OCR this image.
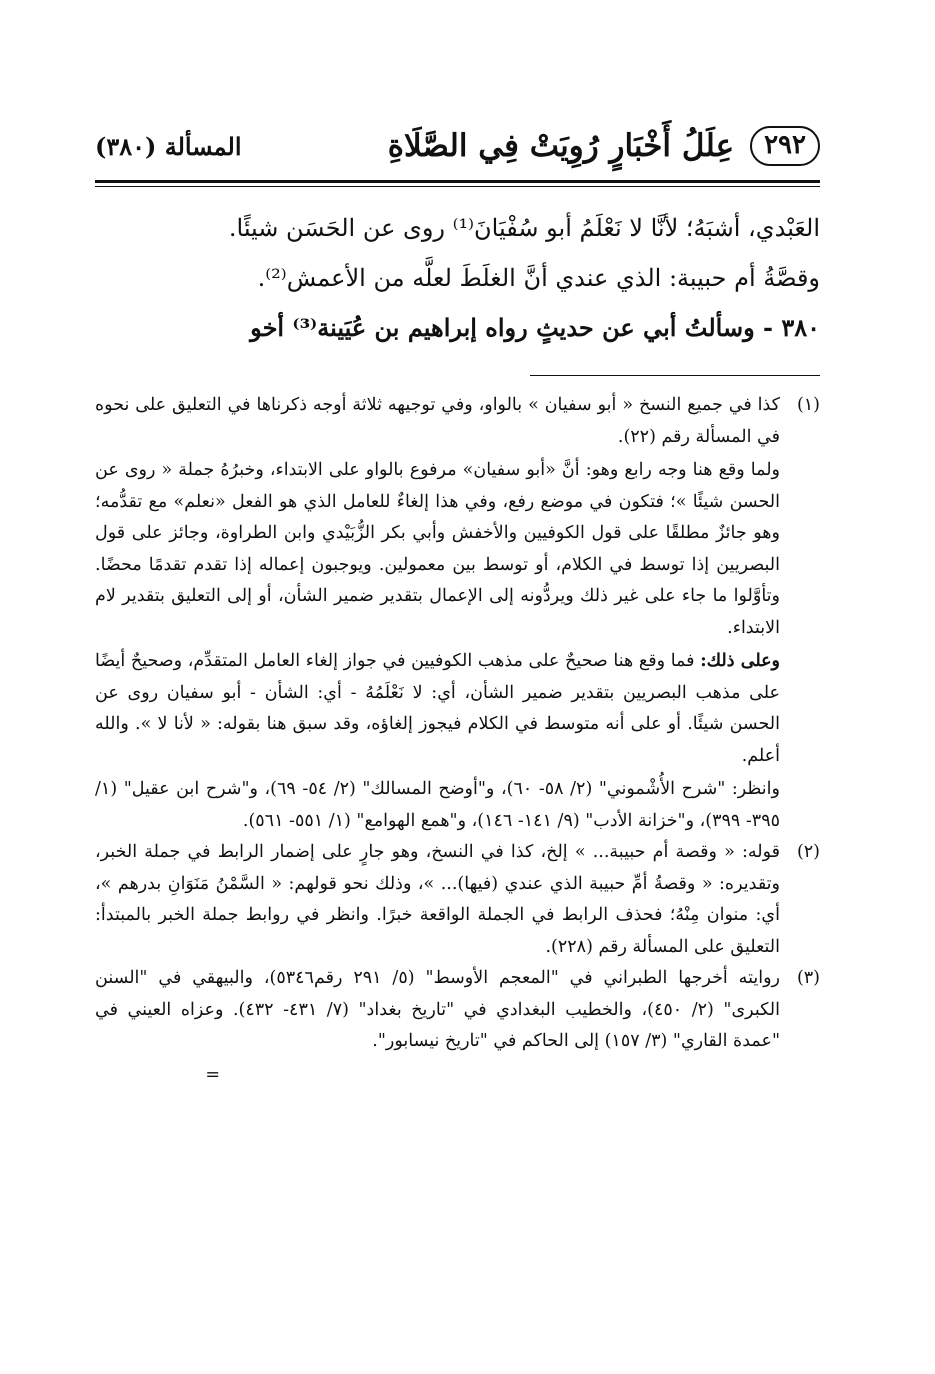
٢٩٢
عِلَلُ أَخْبَارٍ رُوِيَتْ فِي الصَّلَاةِ
المسألة (٣٨٠)

العَبْدي، أشبَهُ؛ لأنَّا لا نَعْلَمُ أبو سُفْيَانَ⁽¹⁾ روى عن الحَسَن شيئًا.

وقصَّةُ أم حبيبة: الذي عندي أنَّ الغلَطَ لعلَّه من الأعمش⁽²⁾.

٣٨٠ - وسألتُ أبي عن حديثٍ رواه إبراهيم بن عُيَينة⁽³⁾ أخو

(١)

كذا في جميع النسخ « أبو سفيان » بالواو، وفي توجيهه ثلاثة أوجه ذكرناها في التعليق على نحوه في المسألة رقم (٢٢).

ولما وقع هنا وجه رابع وهو: أنَّ «أبو سفيان» مرفوع بالواو على الابتداء، وخبرُهُ جملة « روى عن الحسن شيئًا »؛ فتكون في موضع رفع، وفي هذا إلغاءٌ للعامل الذي هو الفعل «نعلم» مع تقدُّمه؛ وهو جائزٌ مطلقًا على قول الكوفيين والأخفش وأبي بكر الزُّبَيْدي وابن الطراوة، وجائز على قول البصريين إذا توسط في الكلام، أو توسط بين معمولين. ويوجبون إعماله إذا تقدم تقدمًا محضًا. وتأوَّلوا ما جاء على غير ذلك ويردُّونه إلى الإعمال بتقدير ضمير الشأن، أو إلى التعليق بتقدير لام الابتداء.

وعلى ذلك: فما وقع هنا صحيحٌ على مذهب الكوفيين في جواز إلغاء العامل المتقدِّم، وصحيحٌ أيضًا على مذهب البصريين بتقدير ضمير الشأن، أي: لا نَعْلَمُهُ - أي: الشأن - أبو سفيان روى عن الحسن شيئًا. أو على أنه متوسط في الكلام فيجوز إلغاؤه، وقد سبق هنا بقوله: « لأنا لا ». والله أعلم.

وانظر: "شرح الأُشْموني" (٢/ ٥٨- ٦٠)، و"أوضح المسالك" (٢/ ٥٤- ٦٩)، و"شرح ابن عقيل" (١/ ٣٩٥- ٣٩٩)، و"خزانة الأدب" (٩/ ١٤١- ١٤٦)، و"همع الهوامع" (١/ ٥٥١- ٥٦١).

(٢)

قوله: « وقصة أم حبيبة... » إلخ، كذا في النسخ، وهو جارٍ على إضمار الرابط في جملة الخبر، وتقديره: « وقصةُ أمِّ حبيبة الذي عندي (فيها)... »، وذلك نحو قولهم: « السَّمْنُ مَنَوَانِ بدرهم »، أي: منوان مِنْهُ؛ فحذف الرابط في الجملة الواقعة خبرًا. وانظر في روابط جملة الخبر بالمبتدأ: التعليق على المسألة رقم (٢٢٨).

(٣)

روايته أخرجها الطبراني في "المعجم الأوسط" (٥/ ٢٩١ رقم٥٣٤٦)، والبيهقي في "السنن الكبرى" (٢/ ٤٥٠)، والخطيب البغدادي في "تاريخ بغداد" (٧/ ٤٣١- ٤٣٢). وعزاه العيني في "عمدة القاري" (٣/ ١٥٧) إلى الحاكم في "تاريخ نيسابور".

=
